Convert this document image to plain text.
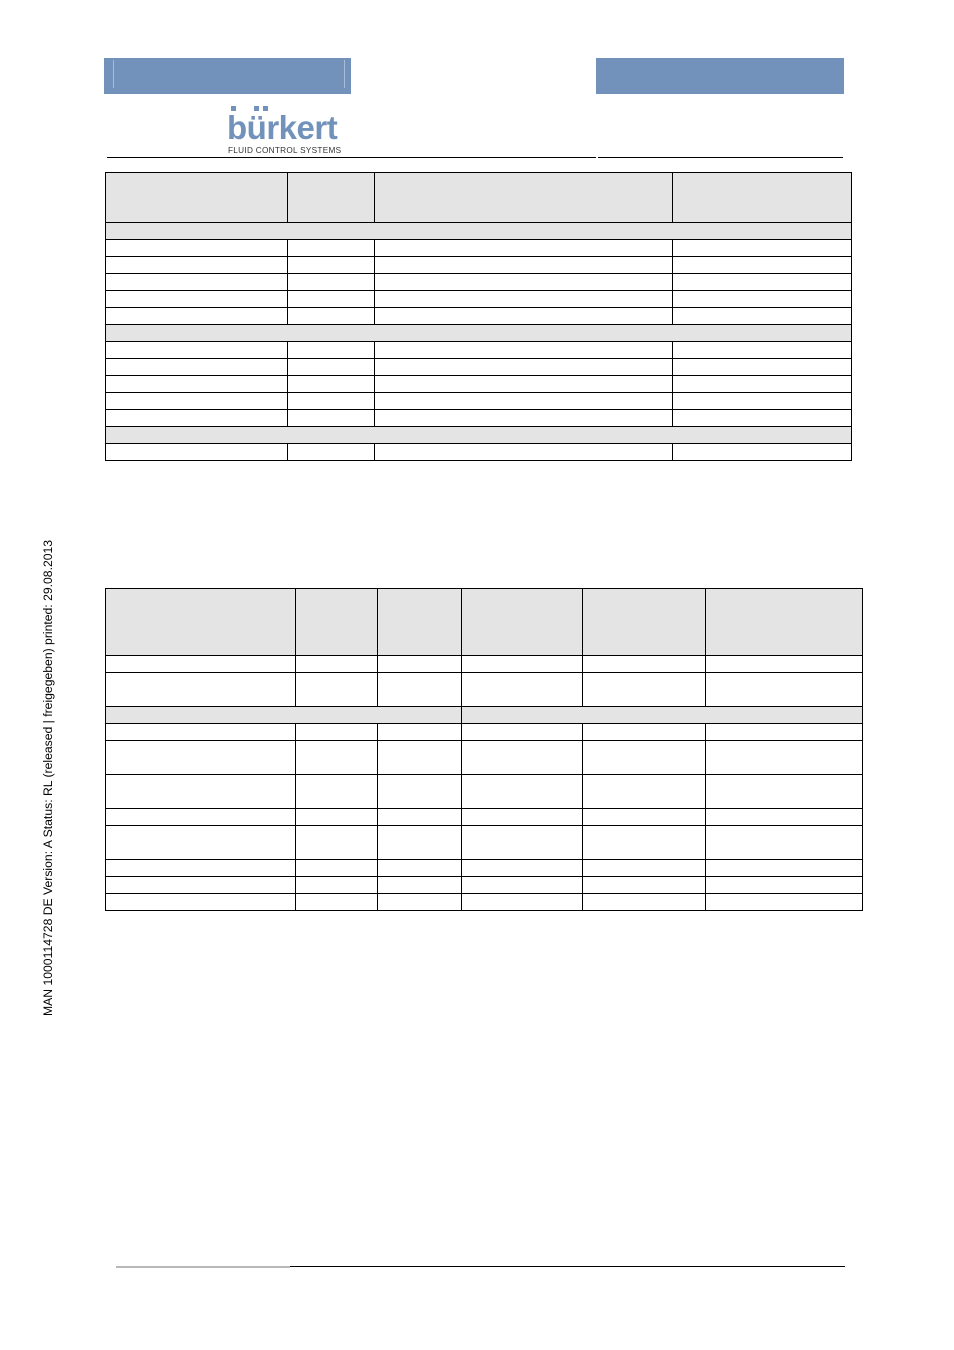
bürkert
FLUID CONTROL SYSTEMS

MAN 1000114728 DE Version: A Status: RL (released | freigegeben) printed: 29.08.2013
